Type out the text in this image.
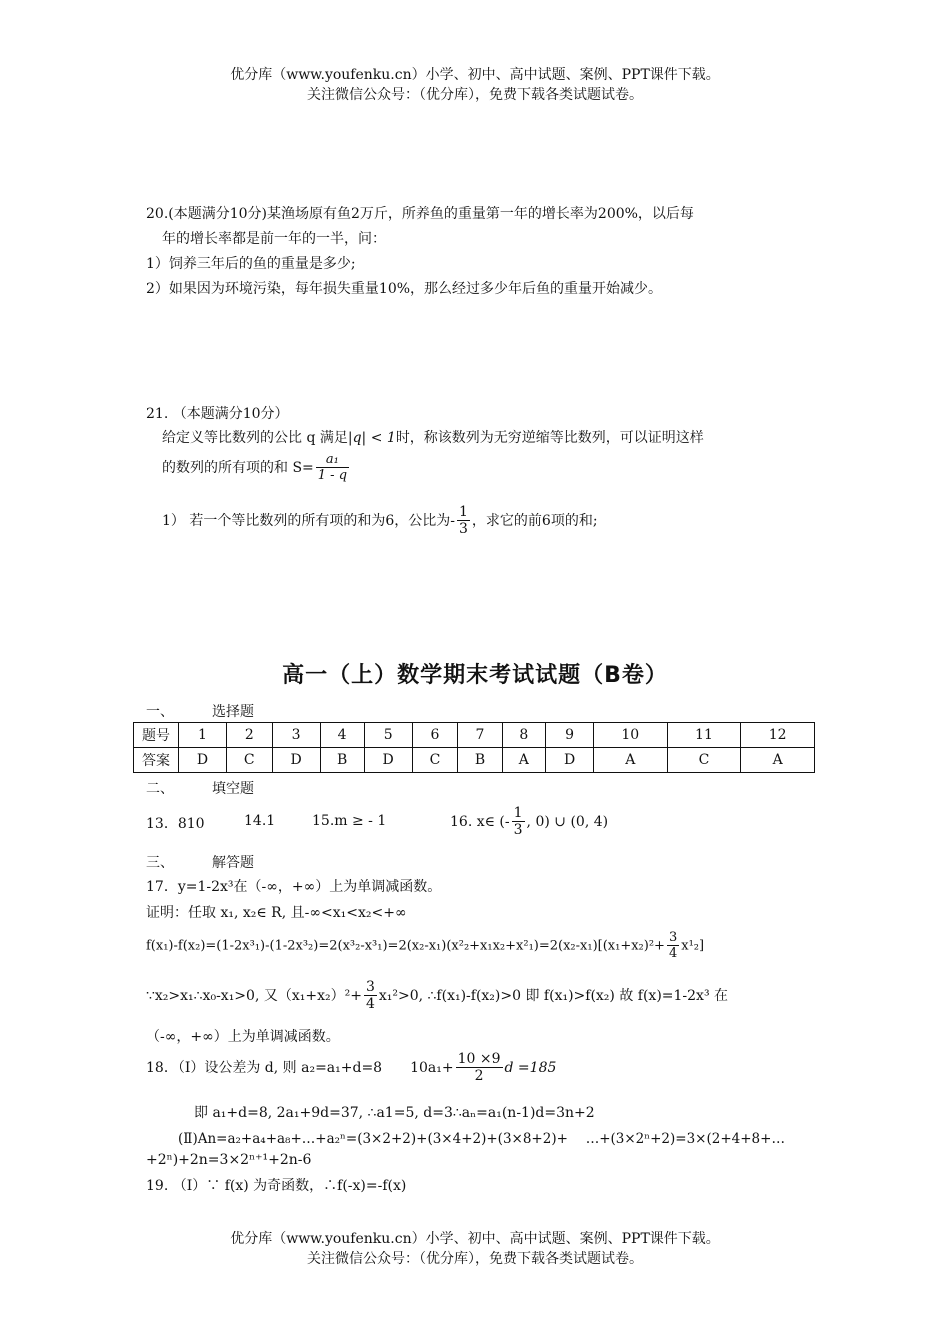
优分库（www.youfenku.cn）小学、初中、高中试题、案例、PPT课件下载。
关注微信公众号：（优分库），免费下载各类试题试卷。
20.(本题满分10分)某渔场原有鱼2万斤，所养鱼的重量第一年的增长率为200%，以后每
年的增长率都是前一年的一半，问：
1）饲养三年后的鱼的重量是多少;
2）如果因为环境污染，每年损失重量10%，那么经过多少年后鱼的重量开始减少。
21. （本题满分10分）
给定义等比数列的公比 q 满足|q| < 1时，称该数列为无穷逆缩等比数列，可以证明这样
的数列的所有项的和 $S= \frac{\text{a₁}}{1 - q}$
1） 若一个等比数列的所有项的和为6，公比为- $\frac{1}{3}$ ，求它的前6项的和;
高一（上）数学期末考试试题（B卷）
一、	选择题
题号	1	2	3	4	5	6	7	8	9	10	11	12
答案	D	C	D	B	D	C	B	A	D	A	C	A
二、	填空题
13．810	14.1	15.m ≥ - 1	16. x∈ (- $\frac{1}{3}$ , 0) ∪ (0, 4)
三、	解答题
17．y=1-2x³在（-∞，+∞）上为单调减函数。
证明：任取 x₁, x₂∈ R, 且-∞<x₁<x₂<+∞
$f(x_1)-f(x_2)=(1-2x^3_1)-(1-2x^3_2)=2(x^3_2-x^3_1)=2(x_2-x_1)(x^2_2+x_1x_2+x^2_1)=2(x_2-x_1)[(x_1+x_2)^2+ \frac{3}{4} x^1_2]$
∵x₂>x₁∴x₀-x₁>0, 又$(x_1+x_2)^2+ \frac{3}{4} x_1^2>0$, ∴f(x₁)-f(x₂)>0 即 f(x₁)>f(x₂) 故 f(x)=1-2x³ 在
（-∞，+∞）上为单调减函数。
18．（Ⅰ）设公差为 d, 则 a₂=a₁+d=8 $10a_1+ \frac{10 \times 9}{2}$ d =185
即 a₁+d=8, 2a₁+9d=37, ∴a1=5, d=3∴aₙ=a₁(n-1)d=3n+2
(Ⅱ)An=a₂+a₄+a₈+…+a₂ⁿ=(3×2+2)+(3×4+2)+(3×8+2)+　 …+(3×2ⁿ+2)=3×(2+4+8+…
+2ⁿ)+2n=3×2ⁿ⁺¹+2n-6
19. （Ⅰ）∵ f(x) 为奇函数，∴f(-x)=-f(x)
优分库（www.youfenku.cn）小学、初中、高中试题、案例、PPT课件下载。
关注微信公众号：（优分库），免费下载各类试题试卷。
